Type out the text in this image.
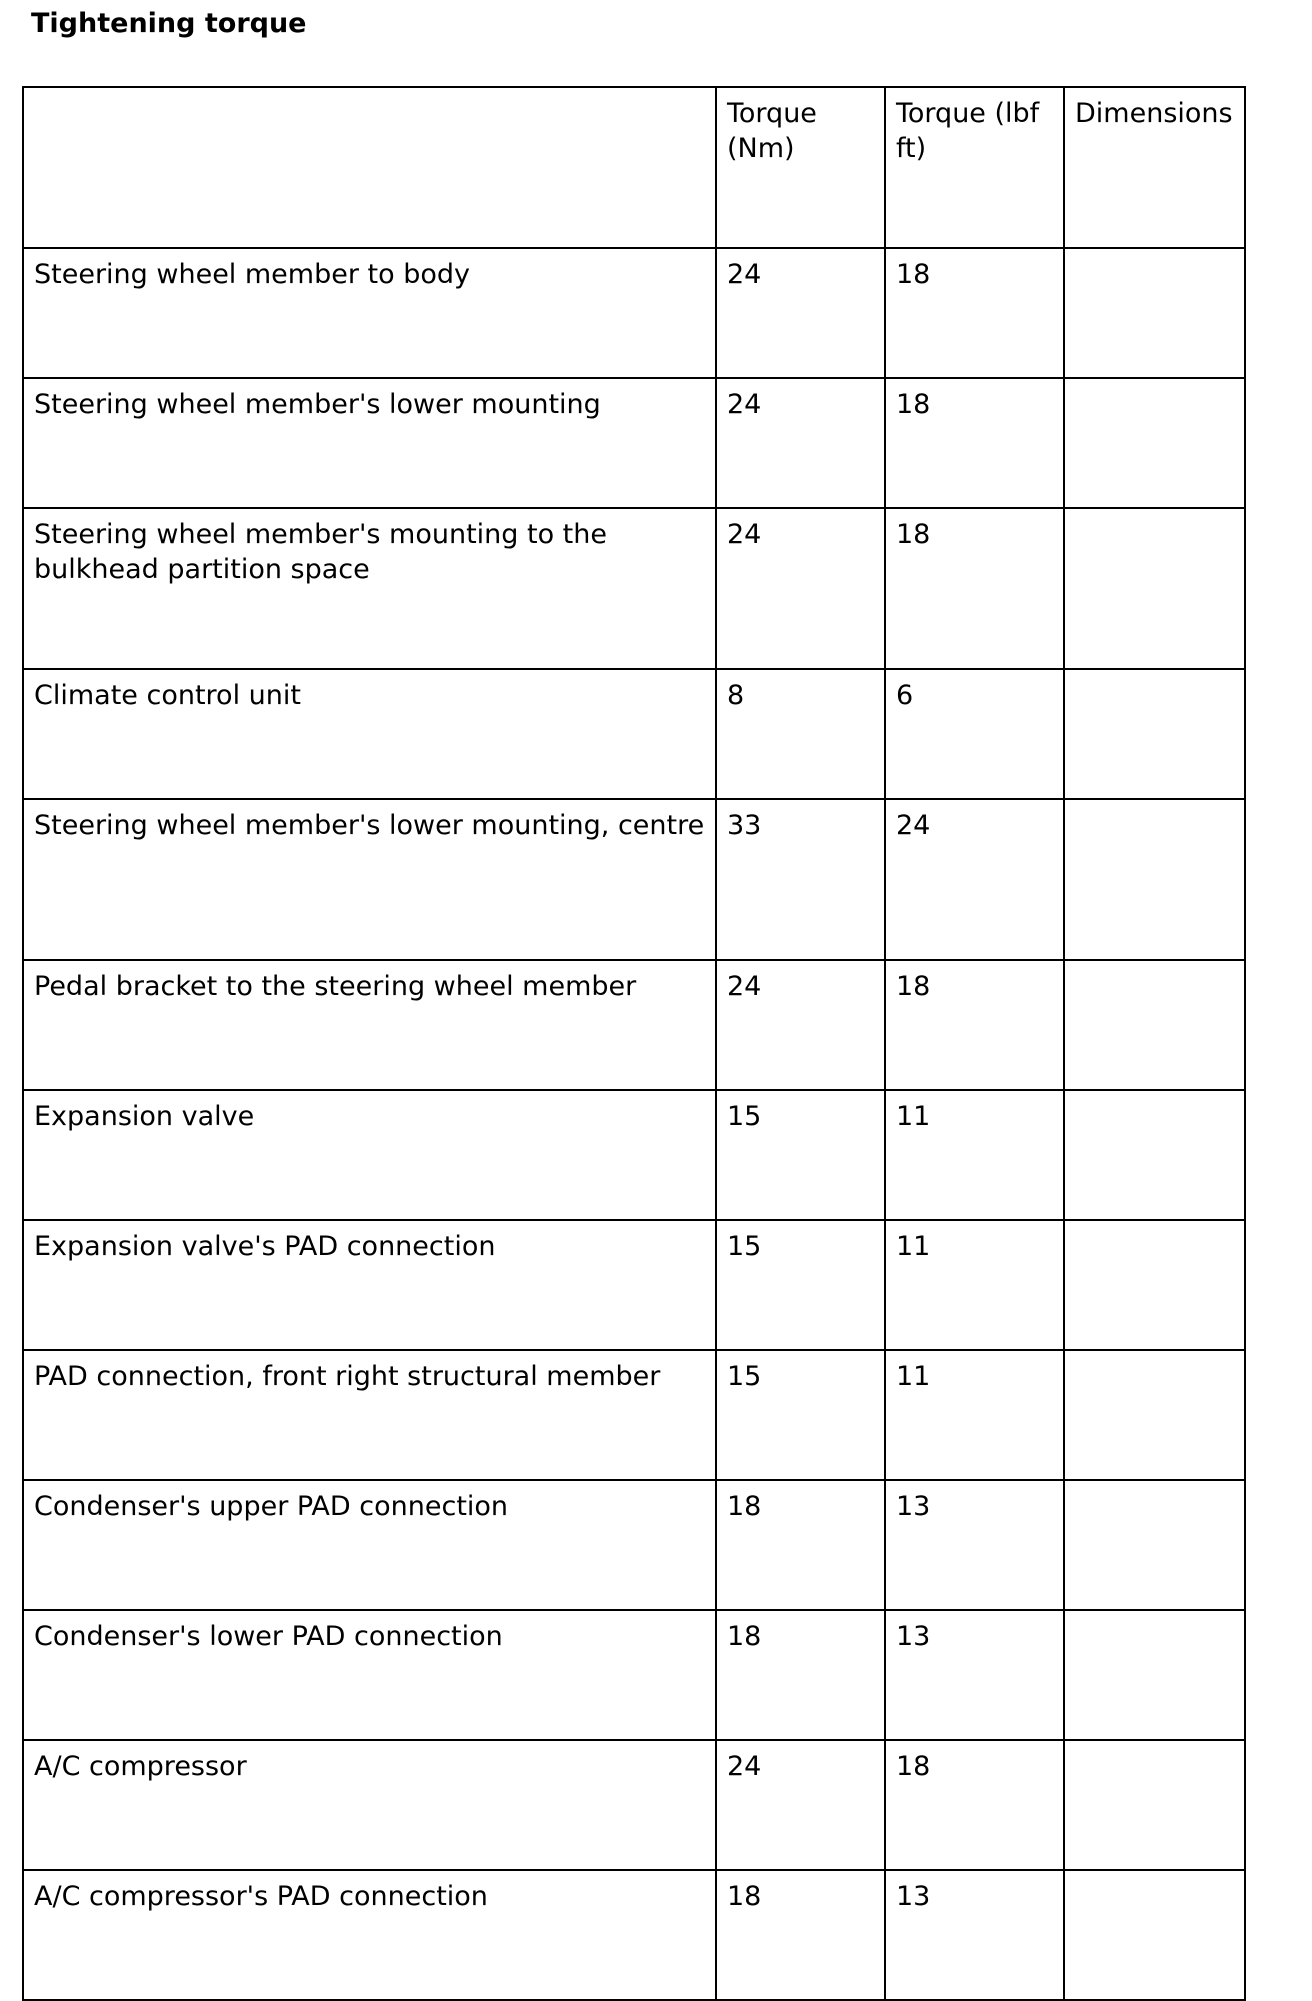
Tightening torque
	Torque (Nm)	Torque (lbf ft)	Dimensions
Steering wheel member to body	24	18	
Steering wheel member's lower mounting	24	18	
Steering wheel member's mounting to the bulkhead partition space	24	18	
Climate control unit	8	6	
Steering wheel member's lower mounting, centre	33	24	
Pedal bracket to the steering wheel member	24	18	
Expansion valve	15	11	
Expansion valve's PAD connection	15	11	
PAD connection, front right structural member	15	11	
Condenser's upper PAD connection	18	13	
Condenser's lower PAD connection	18	13	
A/C compressor	24	18	
A/C compressor's PAD connection	18	13	
